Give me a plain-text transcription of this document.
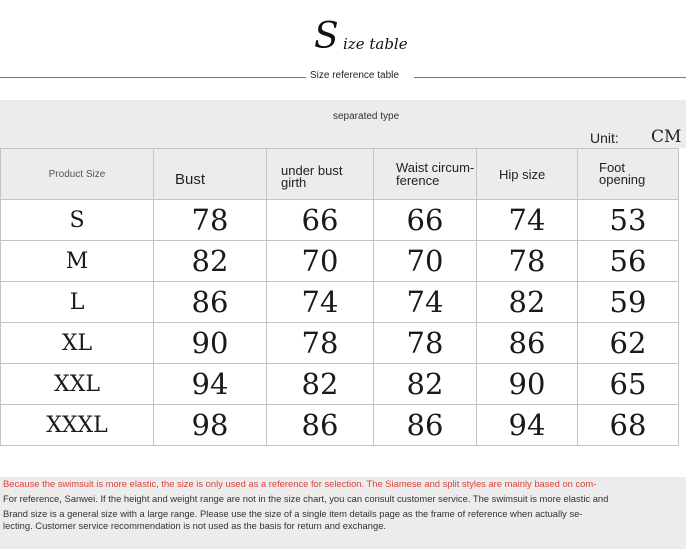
S ize table
Size reference table
separated type
Unit: CM
Product Size	Bust	under bust girth	Waist circum-ference	Hip size	Foot opening

S	78	66	66	74	53
M	82	70	70	78	56
L	86	74	74	82	59
XL	90	78	78	86	62
XXL	94	82	82	90	65
XXXL	98	86	86	94	68
Because the swimsuit is more elastic, the size is only used as a reference for selection. The Siamese and split styles are mainly based on com-
For reference, Sanwei. If the height and weight range are not in the size chart, you can consult customer service. The swimsuit is more elastic and
Brand size is a general size with a large range. Please use the size of a single item details page as the frame of reference when actually se-
lecting. Customer service recommendation is not used as the basis for return and exchange.
